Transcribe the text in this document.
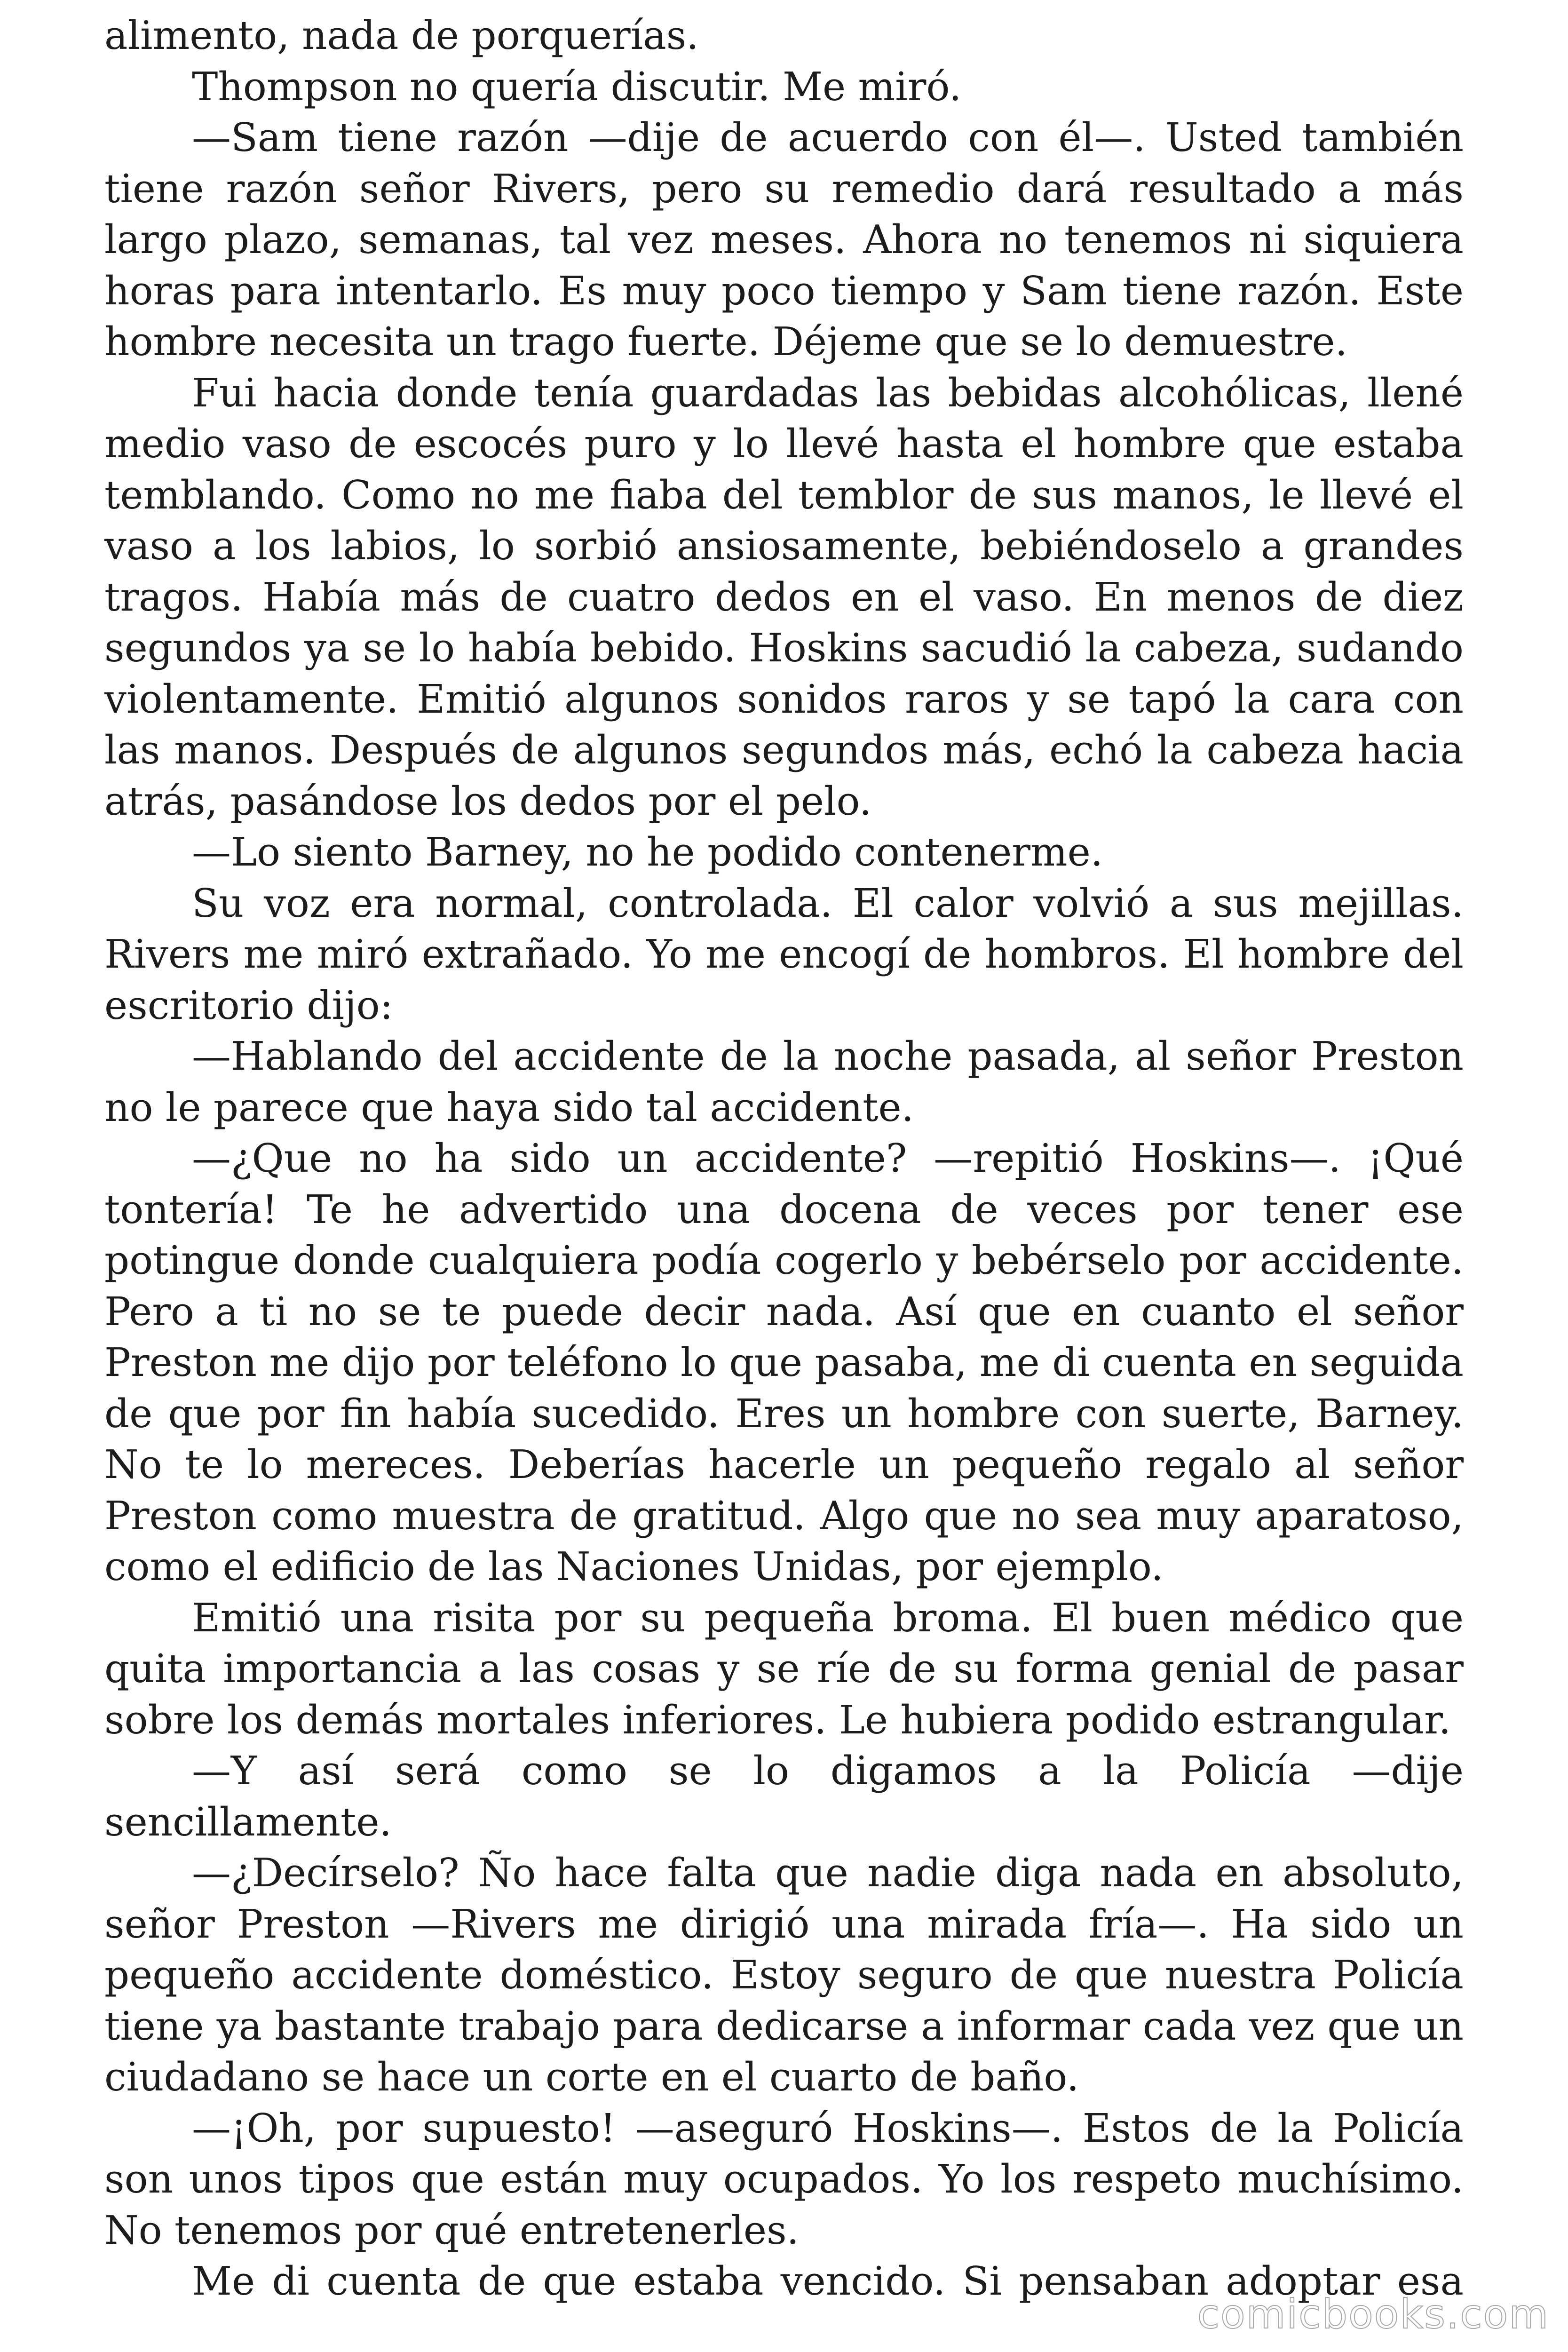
alimento, nada de porquerías.

Thompson no quería discutir. Me miró.

—Sam tiene razón —dije de acuerdo con él—. Usted también tiene razón señor Rivers, pero su remedio dará resultado a más largo plazo, semanas, tal vez meses. Ahora no tenemos ni siquiera horas para intentarlo. Es muy poco tiempo y Sam tiene razón. Este hombre necesita un trago fuerte. Déjeme que se lo demuestre.

Fui hacia donde tenía guardadas las bebidas alcohólicas, llené medio vaso de escocés puro y lo llevé hasta el hombre que estaba temblando. Como no me fiaba del temblor de sus manos, le llevé el vaso a los labios, lo sorbió ansiosamente, bebiéndoselo a grandes tragos. Había más de cuatro dedos en el vaso. En menos de diez segundos ya se lo había bebido. Hoskins sacudió la cabeza, sudando violentamente. Emitió algunos sonidos raros y se tapó la cara con las manos. Después de algunos segundos más, echó la cabeza hacia atrás, pasándose los dedos por el pelo.

—Lo siento Barney, no he podido contenerme.

Su voz era normal, controlada. El calor volvió a sus mejillas. Rivers me miró extrañado. Yo me encogí de hombros. El hombre del escritorio dijo:

—Hablando del accidente de la noche pasada, al señor Preston no le parece que haya sido tal accidente.

—¿Que no ha sido un accidente? —repitió Hoskins—. ¡Qué tontería! Te he advertido una docena de veces por tener ese potingue donde cualquiera podía cogerlo y bebérselo por accidente. Pero a ti no se te puede decir nada. Así que en cuanto el señor Preston me dijo por teléfono lo que pasaba, me di cuenta en seguida de que por fin había sucedido. Eres un hombre con suerte, Barney. No te lo mereces. Deberías hacerle un pequeño regalo al señor Preston como muestra de gratitud. Algo que no sea muy aparatoso, como el edificio de las Naciones Unidas, por ejemplo.

Emitió una risita por su pequeña broma. El buen médico que quita importancia a las cosas y se ríe de su forma genial de pasar sobre los demás mortales inferiores. Le hubiera podido estrangular.

—Y así será como se lo digamos a la Policía —dije sencillamente.

—¿Decírselo? Ño hace falta que nadie diga nada en absoluto, señor Preston —Rivers me dirigió una mirada fría—. Ha sido un pequeño accidente doméstico. Estoy seguro de que nuestra Policía tiene ya bastante trabajo para dedicarse a informar cada vez que un ciudadano se hace un corte en el cuarto de baño.

—¡Oh, por supuesto! —aseguró Hoskins—. Estos de la Policía son unos tipos que están muy ocupados. Yo los respeto muchísimo. No tenemos por qué entretenerles.

Me di cuenta de que estaba vencido. Si pensaban adoptar esa

comicbooks.com
